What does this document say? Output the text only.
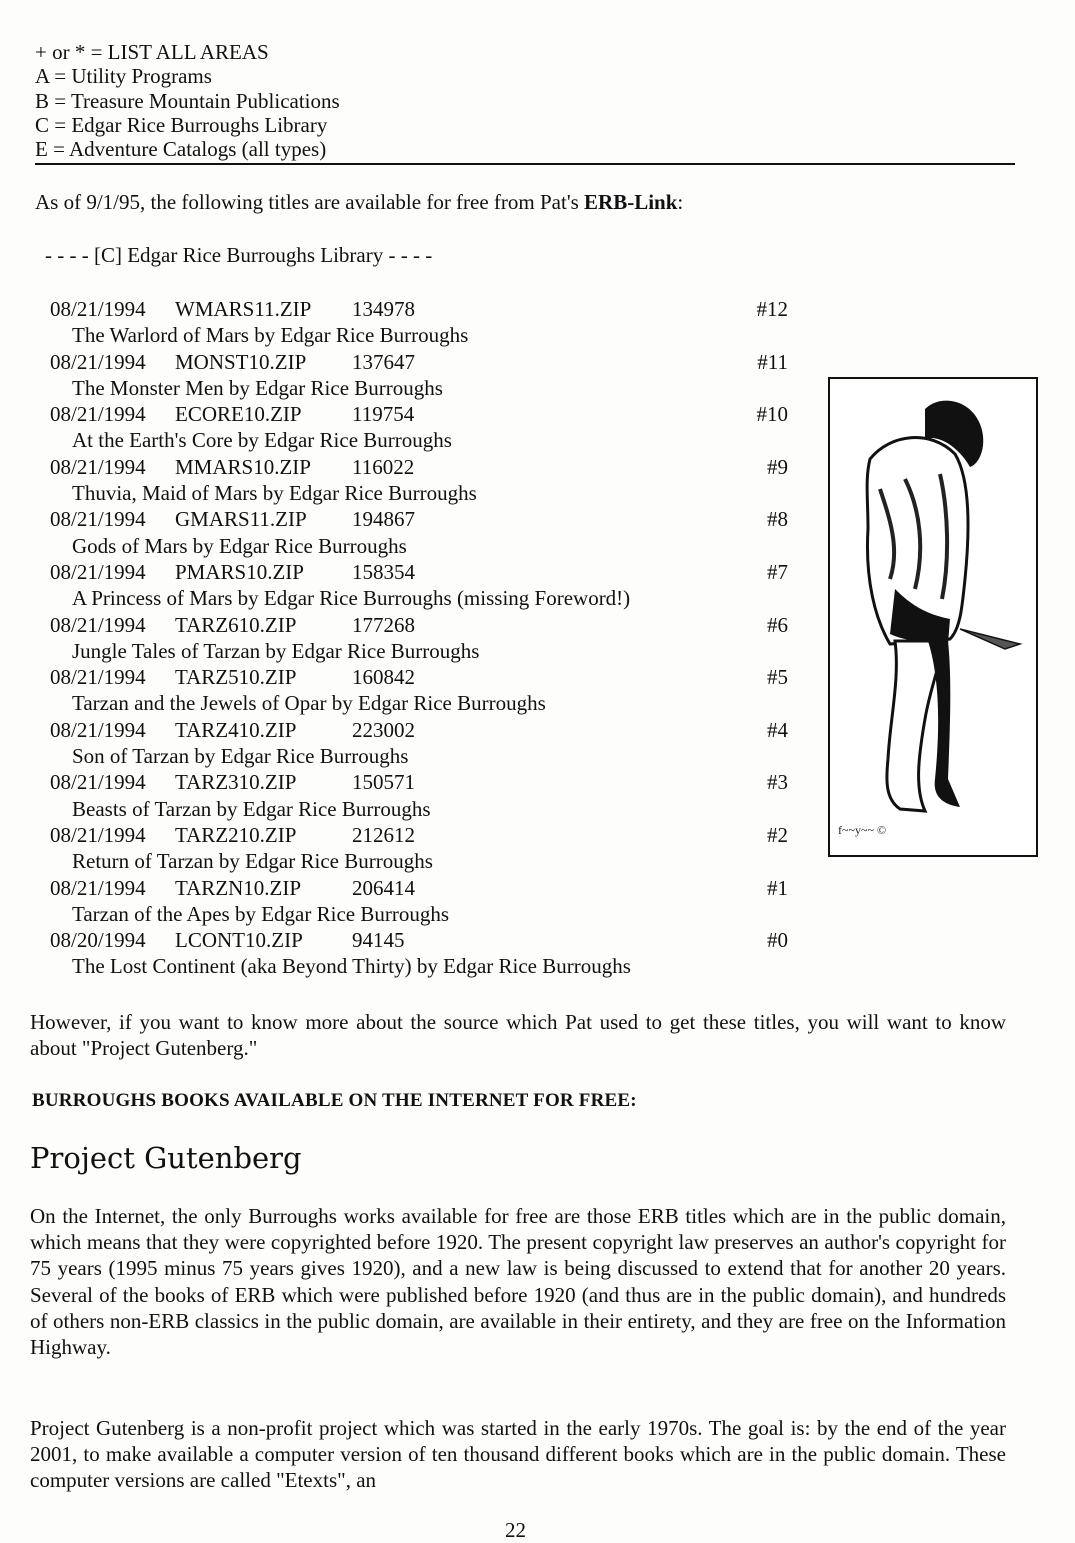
+ or * = LIST ALL AREAS
A = Utility Programs
B = Treasure Mountain Publications
C = Edgar Rice Burroughs Library
E = Adventure Catalogs (all types)
As of 9/1/95, the following titles are available for free from Pat's ERB-Link:
- - - - [C] Edgar Rice Burroughs Library - - - -
08/21/1994 WMARS11.ZIP 134978	#12
The Warlord of Mars by Edgar Rice Burroughs
08/21/1994 MONST10.ZIP 137647	#11
The Monster Men by Edgar Rice Burroughs
08/21/1994 ECORE10.ZIP 119754	#10
At the Earth's Core by Edgar Rice Burroughs
08/21/1994 MMARS10.ZIP 116022	#9
Thuvia, Maid of Mars by Edgar Rice Burroughs
08/21/1994 GMARS11.ZIP 194867	#8
Gods of Mars by Edgar Rice Burroughs
08/21/1994 PMARS10.ZIP 158354	#7
A Princess of Mars by Edgar Rice Burroughs (missing Foreword!)
08/21/1994 TARZ610.ZIP	177268	#6
Jungle Tales of Tarzan by Edgar Rice Burroughs
08/21/1994 TARZ510.ZIP	160842	#5
Tarzan and the Jewels of Opar by Edgar Rice Burroughs
08/21/1994 TARZ410.ZIP	223002	#4
Son of Tarzan by Edgar Rice Burroughs
08/21/1994 TARZ310.ZIP	150571	#3
Beasts of Tarzan by Edgar Rice Burroughs
08/21/1994 TARZ210.ZIP	212612	#2
Return of Tarzan by Edgar Rice Burroughs
08/21/1994 TARZN10.ZIP 206414	#1
Tarzan of the Apes by Edgar Rice Burroughs
08/20/1994 LCONT10.ZIP 94145	#0
The Lost Continent (aka Beyond Thirty) by Edgar Rice Burroughs
f~~y~~ ©
However, if you want to know more about the source which Pat used to get these titles, you will want to know about "Project Gutenberg."
BURROUGHS BOOKS AVAILABLE ON THE INTERNET FOR FREE:
Project Gutenberg
On the Internet, the only Burroughs works available for free are those ERB titles which are in the public domain, which means that they were copyrighted before 1920. The present copyright law preserves an author's copyright for 75 years (1995 minus 75 years gives 1920), and a new law is being discussed to extend that for another 20 years. Several of the books of ERB which were published before 1920 (and thus are in the public domain), and hundreds of others non-ERB classics in the public domain, are available in their entirety, and they are free on the Information Highway.
Project Gutenberg is a non-profit project which was started in the early 1970s. The goal is: by the end of the year 2001, to make available a computer version of ten thousand different books which are in the public domain. These computer versions are called "Etexts", an
22
